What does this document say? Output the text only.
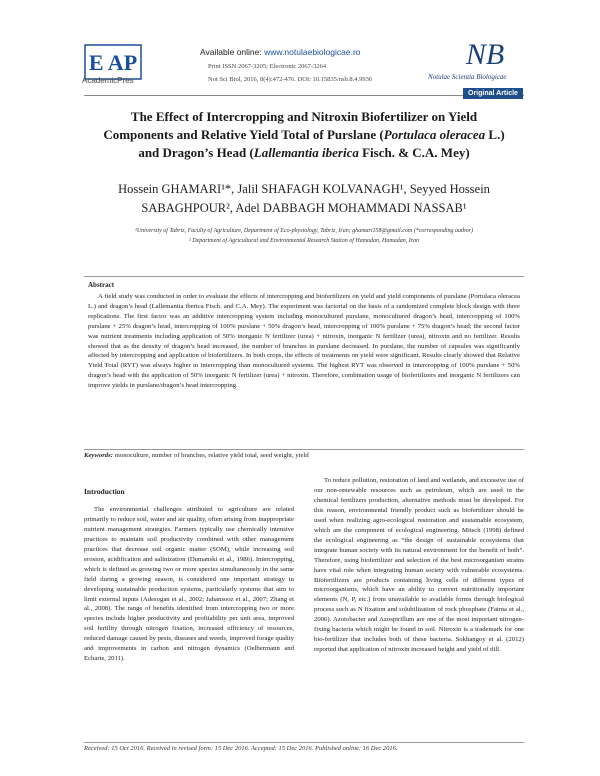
E AP
AcademicPres
Available online: www.notulaebiologicae.ro
Print ISSN 2067-3205; Electronic 2067-3264
Not Sci Biol, 2016, 8(4):472-476. DOI: 10.15835/nsb.8.4.9936
NB
Notulae Scientia Biologicae
Original Article
The Effect of Intercropping and Nitroxin Biofertilizer on Yield
Components and Relative Yield Total of Purslane (Portulaca oleracea L.)
and Dragon’s Head (Lallemantia iberica Fisch. & C.A. Mey)
Hossein GHAMARI¹*, Jalil SHAFAGH KOLVANAGH¹, Seyyed Hossein
SABAGHPOUR², Adel DABBAGH MOHAMMADI NASSAB¹
¹University of Tabriz, Faculty of Agriculture, Department of Eco-physiology, Tabriz, Iran; ghamari158@gmail.com (*corresponding author)
² Department of Agricultural and Environmental Research Station of Hamadan, Hamadan, Iran
Abstract
A field study was conducted in order to evaluate the effects of intercropping and biofertilizers on yield and yield components of purslane (Portulaca oleracea L.) and dragon’s head (Lallemantia iberica Fisch. and C.A. Mey). The experiment was factorial on the basis of a randomized complete block design with three replications. The first factor was an additive intercropping system including monocultured purslane, monocultured dragon’s head, intercropping of 100% purslane + 25% dragon’s head, intercropping of 100% purslane + 50% dragon’s head, intercropping of 100% purslane + 75% dragon’s head; the second factor was nutrient treatments including application of 50% inorganic N fertilizer (urea) + nitroxin, inorganic N fertilizer (urea), nitroxin and no fertilizer. Results showed that as the density of dragon’s head increased, the number of branches in purslane decreased. In purslane, the number of capsules was significantly affected by intercropping and application of biofertilizers. In both crops, the effects of treatments on yield were significant. Results clearly showed that Relative Yield Total (RYT) was always higher in intercropping than monocultured systems. The highest RYT was observed in intercropping of 100% purslane + 50% dragon’s head with the application of 50% inorganic N fertilizer (urea) + nitroxin. Therefore, combination usage of biofertilizers and inorganic N fertilizers can improve yields in purslane/dragon’s head intercropping.
Keywords: monoculture, number of branches, relative yield total, seed weight, yield
Introduction

The environmental challenges attributed to agriculture are related primarily to reduce soil, water and air quality, often arising from inappropriate nutrient management strategies. Farmers typically use chemically intensive practices to maintain soil productivity combined with other management practices that decrease soil organic matter (SOM), while increasing soil erosion, acidification and salinization (Dumanski et al., 1986). Intercropping, which is defined as growing two or more species simultaneously in the same field during a growing season, is considered one important strategy in developing sustainable production systems, particularly systems that aim to limit external inputs (Adesogan et al., 2002; Jahansooz et al., 2007; Zhang et al., 2008). The range of benefits identified from intercropping two or more species include higher productivity and profitability per unit area, improved soil fertility through nitrogen fixation, increased efficiency of resources, reduced damage caused by pests, diseases and weeds, improved forage quality and improvements in carbon and nitrogen dynamics (Oelbermann and Echarte, 2011).

To reduce pollution, restoration of land and wetlands, and excessive use of our non-renewable resources such as petroleum, which are used in the chemical fertilizers production, alternative methods must be developed. For this reason, environmental friendly product such as biofertilizer should be used when realizing agro-ecological restoration and sustainable ecosystem, which are the component of ecological engineering. Mitsch (1998) defined the ecological engineering as “the design of sustainable ecosystems that integrate human society with its natural environment for the benefit of both”. Therefore, using biofertilizer and selection of the best microorganism strains have vital role when integrating human society with vulnerable ecosystems. Biofertilizers are products containing living cells of different types of microorganisms, which have an ability to convert nutritionally important elements (N, P, etc.) from unavailable to available forms through biological process such as N fixation and solubilization of rock phosphate (Fatma et al., 2006). Azotobacter and Azospirillum are one of the most important nitrogen-fixing bacteria which might be found in soil. Nitroxin is a trademark for one bio-fertilizer that includes both of these bacteria. Sokhangoy et al. (2012) reported that application of nitroxin increased height and yield of dill.

Received: 15 Oct 2016. Received in revised form: 15 Dec 2016. Accepted: 15 Dec 2016. Published online: 16 Dec 2016.
